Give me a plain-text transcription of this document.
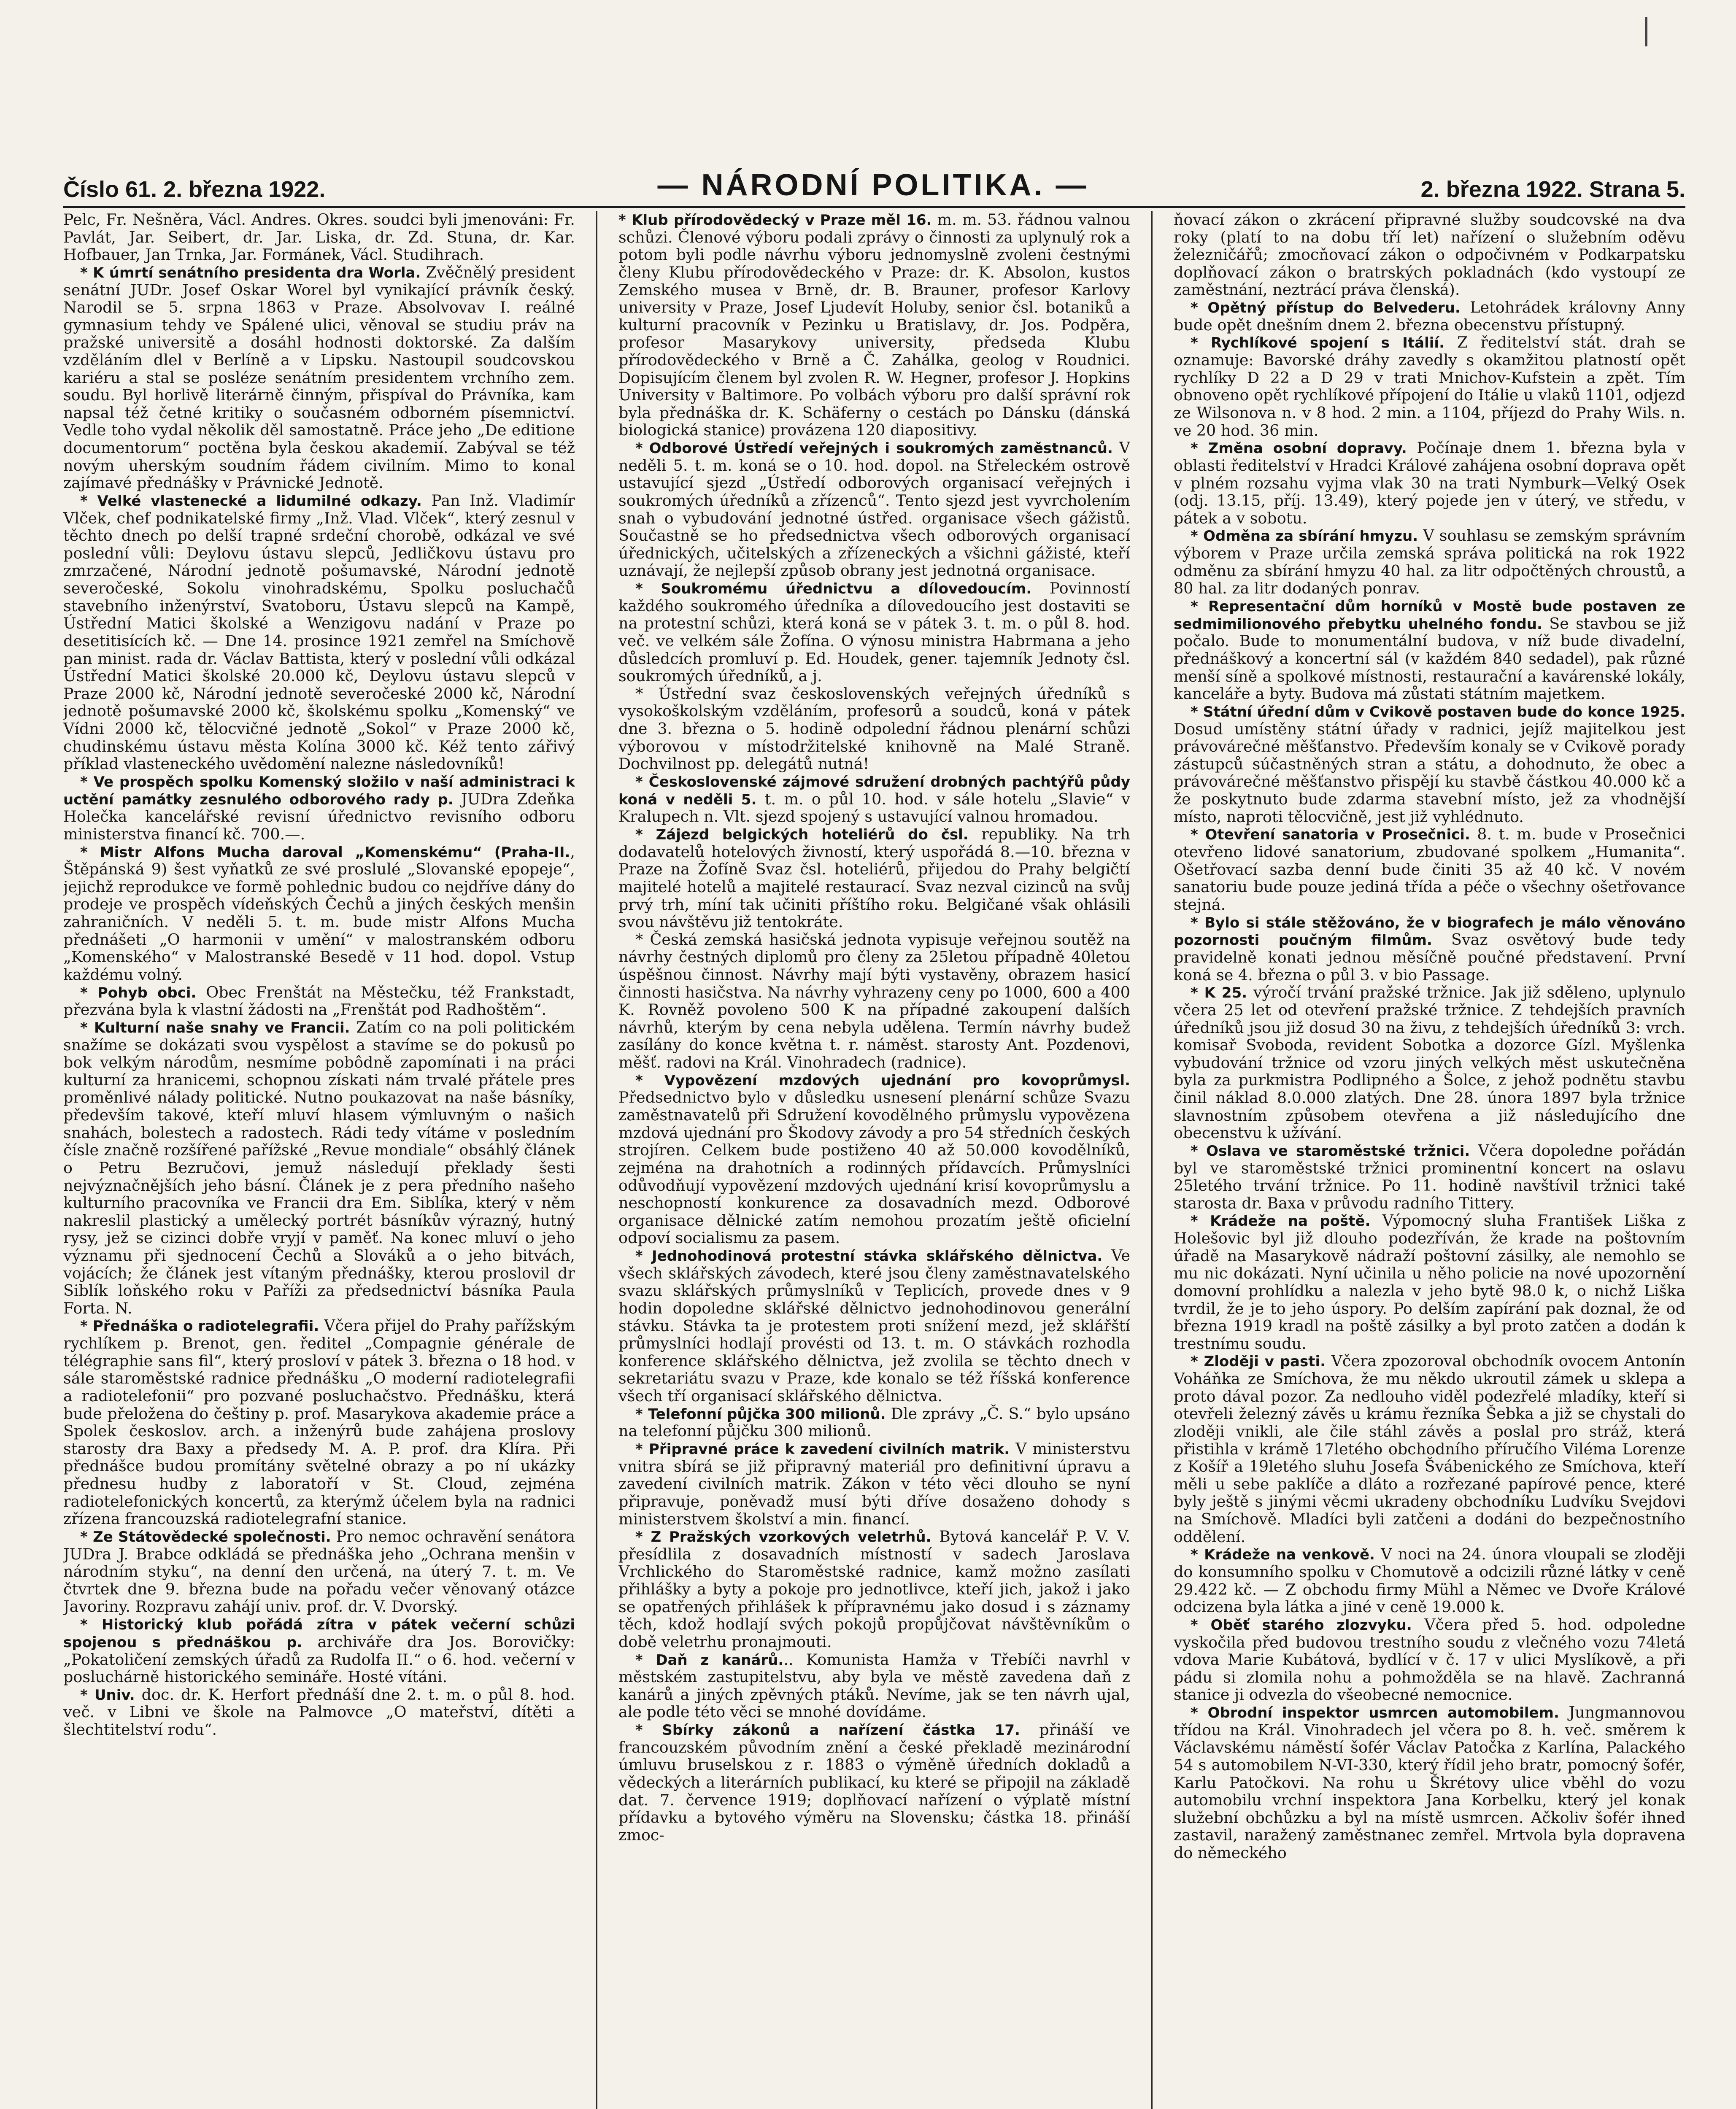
Číslo 61. 2. března 1922.	— NÁRODNÍ POLITIKA. —	2. března 1922. Strana 5.

Pelc, Fr. Nešněra, Václ. Andres. Okres. soudci byli jmenováni: Fr. Pavlát, Jar. Seibert, dr. Jar. Liska, dr. Zd. Stuna, dr. Kar. Hofbauer, Jan Trnka, Jar. Formánek, Václ. Studihrach.

* K úmrtí senátního presidenta dra Worla. Zvěčnělý president senátní JUDr. Josef Oskar Worel byl vynikající právník český. Narodil se 5. srpna 1863 v Praze. Absolvovav I. reálné gymnasium tehdy ve Spálené ulici, věnoval se studiu práv na pražské universitě a dosáhl hodnosti doktorské. Za dalším vzděláním dlel v Berlíně a v Lipsku. Nastoupil soudcovskou kariéru a stal se posléze senátním presidentem vrchního zem. soudu. Byl horlivě literárně činným, přispíval do Právníka, kam napsal též četné kritiky o současném odborném písemnictví. Vedle toho vydal několik děl samostatně. Práce jeho „De editione documentorum“ poctěna byla českou akademií. Zabýval se též novým uherským soudním řádem civilním. Mimo to konal zajímavé přednášky v Právnické Jednotě.

* Velké vlastenecké a lidumilné odkazy. Pan Inž. Vladimír Vlček, chef podnikatelské firmy „Inž. Vlad. Vlček“, který zesnul v těchto dnech po delší trapné srdeční chorobě, odkázal ve své poslední vůli: Deylovu ústavu slepců, Jedličkovu ústavu pro zmrzačené, Národní jednotě pošumavské, Národní jednotě severočeské, Sokolu vinohradskému, Spolku posluchačů stavebního inženýrství, Svatoboru, Ústavu slepců na Kampě, Ústřední Matici školské a Wenzigovu nadání v Praze po desetitisících kč. — Dne 14. prosince 1921 zemřel na Smíchově pan minist. rada dr. Václav Battista, který v poslední vůli odkázal Ústřední Matici školské 20.000 kč, Deylovu ústavu slepců v Praze 2000 kč, Národní jednotě severočeské 2000 kč, Národní jednotě pošumavské 2000 kč, školskému spolku „Komenský“ ve Vídni 2000 kč, tělocvičné jednotě „Sokol“ v Praze 2000 kč, chudinskému ústavu města Kolína 3000 kč. Kéž tento zářivý příklad vlasteneckého uvědomění nalezne následovníků!

* Ve prospěch spolku Komenský složilo v naší administraci k uctění památky zesnulého odborového rady p. JUDra Zdeňka Holečka kancelářské revisní úřednictvo revisního odboru ministerstva financí kč. 700.—.

* Mistr Alfons Mucha daroval „Komenskému“ (Praha-II., Štěpánská 9) šest vyňatků ze své proslulé „Slovanské epopeje“, jejichž reprodukce ve formě pohlednic budou co nejdříve dány do prodeje ve prospěch vídeňských Čechů a jiných českých menšin zahraničních. V neděli 5. t. m. bude mistr Alfons Mucha přednášeti „O harmonii v umění“ v malostranském odboru „Komenského“ v Malostranské Besedě v 11 hod. dopol. Vstup každému volný.

* Pohyb obci. Obec Frenštát na Městečku, též Frankstadt, přezvána byla k vlastní žádosti na „Frenštát pod Radhoštěm“.

* Kulturní naše snahy ve Francii. Zatím co na poli politickém snažíme se dokázati svou vyspělost a stavíme se do pokusů po bok velkým národům, nesmíme pobôdně zapomínati i na práci kulturní za hranicemi, schopnou získati nám trvalé přátele pres proměnlivé nálady politické. Nutno poukazovat na naše básníky, především takové, kteří mluví hlasem výmluvným o našich snahách, bolestech a radostech. Rádi tedy vítáme v posledním čísle značně rozšířené pařížské „Revue mondiale“ obsáhlý článek o Petru Bezručovi, jemuž následují překlady šesti nejvýznačnějších jeho básní. Článek je z pera předního našeho kulturního pracovníka ve Francii dra Em. Siblíka, který v něm nakreslil plastický a umělecký portrét básníkův výrazný, hutný rysy, jež se cizinci dobře vryjí v paměť. Na konec mluví o jeho významu při sjednocení Čechů a Slováků a o jeho bitvách, vojácích; že článek jest vítaným přednášky, kterou proslovil dr Siblík loňského roku v Paříži za předsednictví básníka Paula Forta. N.

* Přednáška o radiotelegrafii. Včera přijel do Prahy pařížským rychlíkem p. Brenot, gen. ředitel „Compagnie générale de télégraphie sans fil“, který prosloví v pátek 3. března o 18 hod. v sále staroměstské radnice přednášku „O moderní radiotelegrafii a radiotelefonii“ pro pozvané posluchačstvo. Přednášku, která bude přeložena do češtiny p. prof. Masarykova akademie práce a Spolek českoslov. arch. a inženýrů bude zahájena proslovy starosty dra Baxy a předsedy M. A. P. prof. dra Klíra. Při přednášce budou promítány světelné obrazy a po ní ukázky přednesu hudby z laboratoří v St. Cloud, zejména radiotelefonických koncertů, za kterýmž účelem byla na radnici zřízena francouzská radiotelegrafní stanice.

* Ze Státovědecké společnosti. Pro nemoc ochravění senátora JUDra J. Brabce odkládá se přednáška jeho „Ochrana menšin v národním styku“, na denní den určená, na úterý 7. t. m. Ve čtvrtek dne 9. března bude na pořadu večer věnovaný otázce Javoriny. Rozpravu zahájí univ. prof. dr. V. Dvorský.

* Historický klub pořádá zítra v pátek večerní schůzi spojenou s přednáškou p. archiváře dra Jos. Borovičky: „Pokatoličení zemských úřadů za Rudolfa II.“ o 6. hod. večerní v posluchárně historického semináře. Hosté vítáni.

* Univ. doc. dr. K. Herfort přednáší dne 2. t. m. o půl 8. hod. več. v Libni ve škole na Palmovce „O mateřství, dítěti a šlechtitelství rodu“.

* Klub přírodovědecký v Praze měl 16. m. m. 53. řádnou valnou schůzi. Členové výboru podali zprávy o činnosti za uplynulý rok a potom byli podle návrhu výboru jednomyslně zvoleni čestnými členy Klubu přírodovědeckého v Praze: dr. K. Absolon, kustos Zemského musea v Brně, dr. B. Brauner, profesor Karlovy university v Praze, Josef Ljudevít Holuby, senior čsl. botaniků a kulturní pracovník v Pezinku u Bratislavy, dr. Jos. Podpěra, profesor Masarykovy university, předseda Klubu přírodovědeckého v Brně a Č. Zahálka, geolog v Roudnici. Dopisujícím členem byl zvolen R. W. Hegner, profesor J. Hopkins University v Baltimore. Po volbách výboru pro další správní rok byla přednáška dr. K. Schäferny o cestách po Dánsku (dánská biologická stanice) provázena 120 diapositivy.

* Odborové Ústředí veřejných i soukromých zaměstnanců. V neděli 5. t. m. koná se o 10. hod. dopol. na Střeleckém ostrově ustavující sjezd „Ústředí odborových organisací veřejných i soukromých úředníků a zřízenců“. Tento sjezd jest vyvrcholením snah o vybudování jednotné ústřed. organisace všech gážistů. Součastně se ho předsednictva všech odborových organisací úřednických, učitelských a zřízeneckých a všichni gážisté, kteří uznávají, že nejlepší způsob obrany jest jednotná organisace.

* Soukromému úřednictvu a dílovedoucím. Povinností každého soukromého úředníka a dílovedoucího jest dostaviti se na protestní schůzi, která koná se v pátek 3. t. m. o půl 8. hod. več. ve velkém sále Žofína. O výnosu ministra Habrmana a jeho důsledcích promluví p. Ed. Houdek, gener. tajemník Jednoty čsl. soukromých úředníků, a j.

* Ústřední svaz československých veřejných úředníků s vysokoškolským vzděláním, profesorů a soudců, koná v pátek dne 3. března o 5. hodině odpolední řádnou plenární schůzi výborovou v místodržitelské knihovně na Malé Straně. Dochvilnost pp. delegátů nutná!

* Československé zájmové sdružení drobných pachtýřů půdy koná v neděli 5. t. m. o půl 10. hod. v sále hotelu „Slavie“ v Kralupech n. Vlt. sjezd spojený s ustavující valnou hromadou.

* Zájezd belgických hoteliérů do čsl. republiky. Na trh dodavatelů hotelových živností, který uspořádá 8.—10. března v Praze na Žofíně Svaz čsl. hoteliérů, přijedou do Prahy belgičtí majitelé hotelů a majitelé restaurací. Svaz nezval cizinců na svůj prvý trh, míní tak učiniti příštího roku. Belgičané však ohlásili svou návštěvu již tentokráte.

* Česká zemská hasičská jednota vypisuje veřejnou soutěž na návrhy čestných diplomů pro členy za 25letou případně 40letou úspěšnou činnost. Návrhy mají býti vystavěny, obrazem hasicí činnosti hasičstva. Na návrhy vyhrazeny ceny po 1000, 600 a 400 K. Rovněž povoleno 500 K na případné zakoupení dalších návrhů, kterým by cena nebyla udělena. Termín návrhy budež zasílány do konce května t. r. náměst. starosty Ant. Pozdenovi, měšť. radovi na Král. Vinohradech (radnice).

* Vypovězení mzdových ujednání pro kovoprůmysl. Předsednictvo bylo v důsledku usnesení plenární schůze Svazu zaměstnavatelů při Sdružení kovodělného průmyslu vypovězena mzdová ujednání pro Škodovy závody a pro 54 středních českých strojíren. Celkem bude postiženo 40 až 50.000 kovodělníků, zejména na drahotních a rodinných přídavcích. Průmyslníci odůvodňují vypovězení mzdových ujednání krisí kovoprůmyslu a neschopností konkurence za dosavadních mezd. Odborové organisace dělnické zatím nemohou prozatím ještě oficielní odpoví socialismu za pasem.

* Jednohodinová protestní stávka sklářského dělnictva. Ve všech sklářských závodech, které jsou členy zaměstnavatelského svazu sklářských průmyslníků v Teplicích, provede dnes v 9 hodin dopoledne sklářské dělnictvo jednohodinovou generální stávku. Stávka ta je protestem proti snížení mezd, jež sklářští průmyslníci hodlají provésti od 13. t. m. O stávkách rozhodla konference sklářského dělnictva, jež zvolila se těchto dnech v sekretariátu svazu v Praze, kde konalo se též říšská konference všech tří organisací sklářského dělnictva.

* Telefonní půjčka 300 milionů. Dle zprávy „Č. S.“ bylo upsáno na telefonní půjčku 300 milionů.

* Připravné práce k zavedení civilních matrik. V ministerstvu vnitra sbírá se již připravný materiál pro definitivní úpravu a zavedení civilních matrik. Zákon v této věci dlouho se nyní připravuje, poněvadž musí býti dříve dosaženo dohody s ministerstvem školství a min. financí.

* Z Pražských vzorkových veletrhů. Bytová kancelář P. V. V. přesídlila z dosavadních místností v sadech Jaroslava Vrchlického do Staroměstské radnice, kamž možno zasílati přihlášky a byty a pokoje pro jednotlivce, kteří jich, jakož i jako se opatřených přihlášek k přípravnému jako dosud i s záznamy těch, kdož hodlají svých pokojů propůjčovat návštěvníkům o době veletrhu pronajmouti.

* Daň z kanárů... Komunista Hamža v Třebíči navrhl v městském zastupitelstvu, aby byla ve městě zavedena daň z kanárů a jiných zpěvných ptáků. Nevíme, jak se ten návrh ujal, ale podle této věci se mnohé dovídáme.

* Sbírky zákonů a nařízení částka 17. přináší ve francouzském původním znění a české překladě mezinárodní úmluvu bruselskou z r. 1883 o výměně úředních dokladů a vědeckých a literárních publikací, ku které se připojil na základě dat. 7. července 1919; doplňovací nařízení o výplatě místní přídavku a bytového výměru na Slovensku; částka 18. přináší zmoc-

ňovací zákon o zkrácení připravné služby soudcovské na dva roky (platí to na dobu tří let) nařízení o služebním oděvu železničářů; zmocňovací zákon o odpočivném v Podkarpatsku doplňovací zákon o bratrských pokladnách (kdo vystoupí ze zaměstnání, neztrácí práva členská).

* Opětný přístup do Belvederu. Letohrádek královny Anny bude opět dnešním dnem 2. března obecenstvu přístupný.

* Rychlíkové spojení s Itálií. Z ředitelství stát. drah se oznamuje: Bavorské dráhy zavedly s okamžitou platností opět rychlíky D 22 a D 29 v trati Mnichov-Kufstein a zpět. Tím obnoveno opět rychlíkové přípojení do Itálie u vlaků 1101, odjezd ze Wilsonova n. v 8 hod. 2 min. a 1104, příjezd do Prahy Wils. n. ve 20 hod. 36 min.

* Změna osobní dopravy. Počínaje dnem 1. března byla v oblasti ředitelství v Hradci Králové zahájena osobní doprava opět v plném rozsahu vyjma vlak 30 na trati Nymburk—Velký Osek (odj. 13.15, příj. 13.49), který pojede jen v úterý, ve středu, v pátek a v sobotu.

* Odměna za sbírání hmyzu. V souhlasu se zemským správním výborem v Praze určila zemská správa politická na rok 1922 odměnu za sbírání hmyzu 40 hal. za litr odpočtěných chroustů, a 80 hal. za litr dodaných ponrav.

* Representační dům horníků v Mostě bude postaven ze sedmimilionového přebytku uhelného fondu. Se stavbou se již počalo. Bude to monumentální budova, v níž bude divadelní, přednáškový a koncertní sál (v každém 840 sedadel), pak různé menší síně a spolkové místnosti, restaurační a kavárenské lokály, kanceláře a byty. Budova má zůstati státním majetkem.

* Státní úřední dům v Cvikově postaven bude do konce 1925. Dosud umístěny státní úřady v radnici, jejíž majitelkou jest právovárečné měšťanstvo. Především konaly se v Cvikově porady zástupců súčastněných stran a státu, a dohodnuto, že obec a právovárečné měšťanstvo přispějí ku stavbě částkou 40.000 kč a že poskytnuto bude zdarma stavební místo, jež za vhodnější místo, naproti tělocvičně, jest již vyhlédnuto.

* Otevření sanatoria v Prosečnici. 8. t. m. bude v Prosečnici otevřeno lidové sanatorium, zbudované spolkem „Humanita“. Ošetřovací sazba denní bude činiti 35 až 40 kč. V novém sanatoriu bude pouze jediná třída a péče o všechny ošetřovance stejná.

* Bylo si stále stěžováno, že v biografech je málo věnováno pozornosti poučným filmům. Svaz osvětový bude tedy pravidelně konati jednou měsíčně poučné představení. První koná se 4. března o půl 3. v bio Passage.

* K 25. výročí trvání pražské tržnice. Jak již sděleno, uplynulo včera 25 let od otevření pražské tržnice. Z tehdejších pravních úředníků jsou již dosud 30 na živu, z tehdejších úředníků 3: vrch. komisař Svoboda, revident Sobotka a dozorce Gízl. Myšlenka vybudování tržnice od vzoru jiných velkých měst uskutečněna byla za purkmistra Podlipného a Šolce, z jehož podnětu stavbu činil náklad 8.0.000 zlatých. Dne 28. února 1897 byla tržnice slavnostním způsobem otevřena a již následujícího dne obecenstvu k užívání.

* Oslava ve staroměstské tržnici. Včera dopoledne pořádán byl ve staroměstské tržnici prominentní koncert na oslavu 25letého trvání tržnice. Po 11. hodině navštívil tržnici také starosta dr. Baxa v průvodu radního Tittery.

* Krádeže na poště. Výpomocný sluha František Liška z Holešovic byl již dlouho podezříván, že krade na poštovním úřadě na Masarykově nádraží poštovní zásilky, ale nemohlo se mu nic dokázati. Nyní učinila u něho policie na nové upozornění domovní prohlídku a nalezla v jeho bytě 98.0 k, o nichž Liška tvrdil, že je to jeho úspory. Po delším zapírání pak doznal, že od března 1919 kradl na poště zásilky a byl proto zatčen a dodán k trestnímu soudu.

* Zloději v pasti. Včera zpozoroval obchodník ovocem Antonín Voháňka ze Smíchova, že mu někdo ukroutil zámek u sklepa a proto dával pozor. Za nedlouho viděl podezřelé mladíky, kteří si otevřeli železný závěs u krámu řezníka Šebka a již se chystali do zloději vnikli, ale čile stáhl závěs a poslal pro stráž, která přistihla v krámě 17letého obchodního příručího Viléma Lorenze z Košíř a 19letého sluhu Josefa Švábenického ze Smíchova, kteří měli u sebe paklíče a dláto a rozřezané papírové pence, které byly ještě s jinými věcmi ukradeny obchodníku Ludvíku Svejdovi na Smíchově. Mladíci byli zatčeni a dodáni do bezpečnostního oddělení.

* Krádeže na venkově. V noci na 24. února vloupali se zloději do konsumního spolku v Chomutově a odcizili různé látky v ceně 29.422 kč. — Z obchodu firmy Mühl a Němec ve Dvoře Králové odcizena byla látka a jiné v ceně 19.000 k.

* Oběť starého zlozvyku. Včera před 5. hod. odpoledne vyskočila před budovou trestního soudu z vlečného vozu 74letá vdova Marie Kubátová, bydlící v č. 17 v ulici Myslíkově, a při pádu si zlomila nohu a pohmožděla se na hlavě. Zachranná stanice ji odvezla do všeobecné nemocnice.

* Obrodní inspektor usmrcen automobilem. Jungmannovou třídou na Král. Vinohradech jel včera po 8. h. več. směrem k Václavskému náměstí šofér Václav Patočka z Karlína, Palackého 54 s automobilem N-VI-330, který řídil jeho bratr, pomocný šofér, Karlu Patočkovi. Na rohu u Škrétovy ulice vběhl do vozu automobilu vrchní inspektora Jana Korbelku, který jel konak služební obchůzku a byl na místě usmrcen. Ačkoliv šofér ihned zastavil, naražený zaměstnanec zemřel. Mrtvola byla dopravena do německého
